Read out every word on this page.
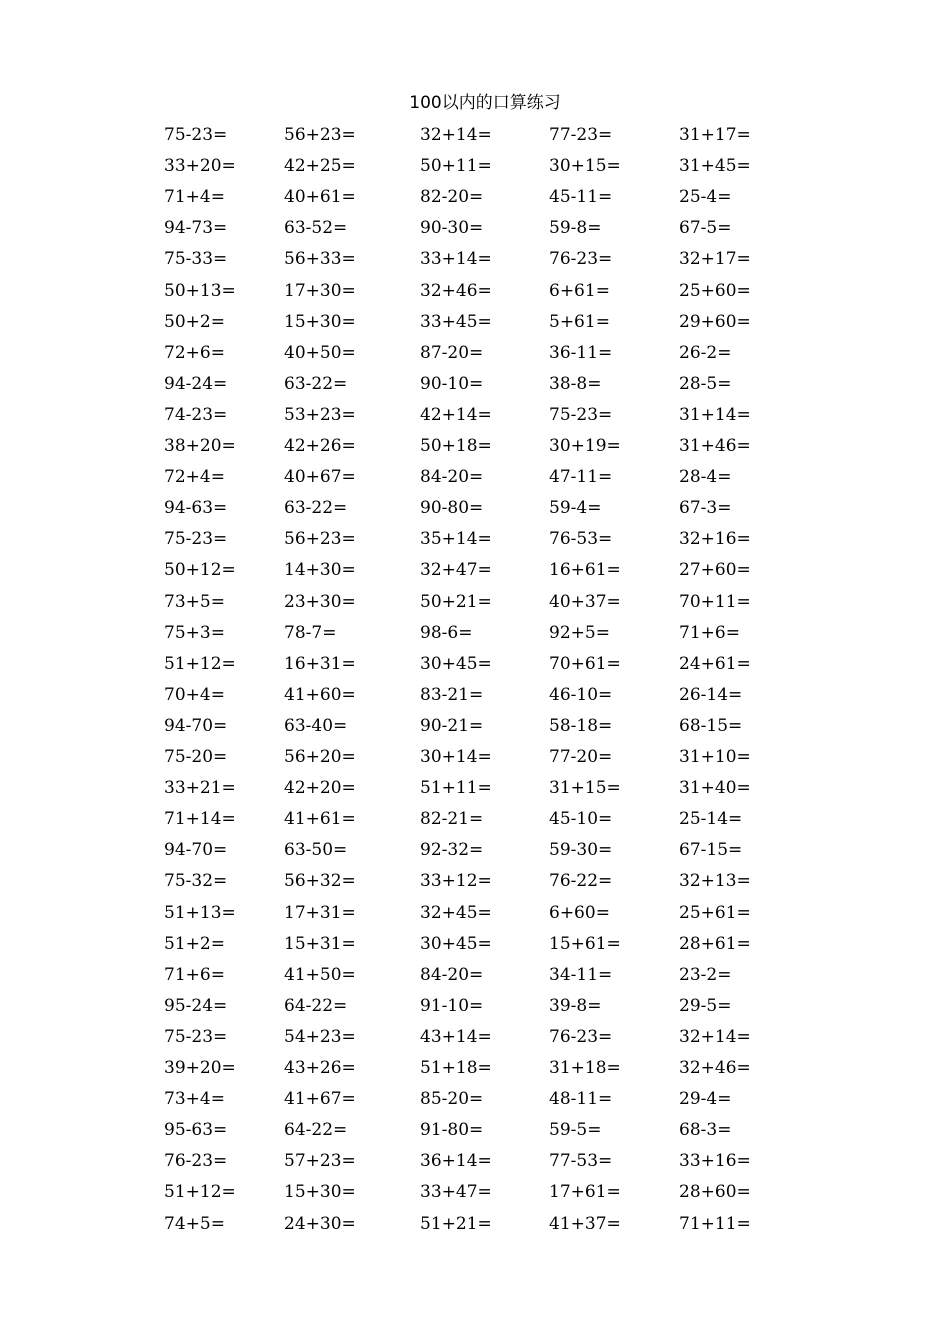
100以内的口算练习
75-23=	56+23=	32+14=	77-23=	31+17=
33+20=	42+25=	50+11=	30+15=	31+45=
71+4=	40+61=	82-20=	45-11=	25-4=
94-73=	63-52=	90-30=	59-8=	67-5=
75-33=	56+33=	33+14=	76-23=	32+17=
50+13=	17+30=	32+46=	6+61=	25+60=
50+2=	15+30=	33+45=	5+61=	29+60=
72+6=	40+50=	87-20=	36-11=	26-2=
94-24=	63-22=	90-10=	38-8=	28-5=
74-23=	53+23=	42+14=	75-23=	31+14=
38+20=	42+26=	50+18=	30+19=	31+46=
72+4=	40+67=	84-20=	47-11=	28-4=
94-63=	63-22=	90-80=	59-4=	67-3=
75-23=	56+23=	35+14=	76-53=	32+16=
50+12=	14+30=	32+47=	16+61=	27+60=
73+5=	23+30=	50+21=	40+37=	70+11=
75+3=	78-7=	98-6=	92+5=	71+6=
51+12=	16+31=	30+45=	70+61=	24+61=
70+4=	41+60=	83-21=	46-10=	26-14=
94-70=	63-40=	90-21=	58-18=	68-15=
75-20=	56+20=	30+14=	77-20=	31+10=
33+21=	42+20=	51+11=	31+15=	31+40=
71+14=	41+61=	82-21=	45-10=	25-14=
94-70=	63-50=	92-32=	59-30=	67-15=
75-32=	56+32=	33+12=	76-22=	32+13=
51+13=	17+31=	32+45=	6+60=	25+61=
51+2=	15+31=	30+45=	15+61=	28+61=
71+6=	41+50=	84-20=	34-11=	23-2=
95-24=	64-22=	91-10=	39-8=	29-5=
75-23=	54+23=	43+14=	76-23=	32+14=
39+20=	43+26=	51+18=	31+18=	32+46=
73+4=	41+67=	85-20=	48-11=	29-4=
95-63=	64-22=	91-80=	59-5=	68-3=
76-23=	57+23=	36+14=	77-53=	33+16=
51+12=	15+30=	33+47=	17+61=	28+60=
74+5=	24+30=	51+21=	41+37=	71+11=
